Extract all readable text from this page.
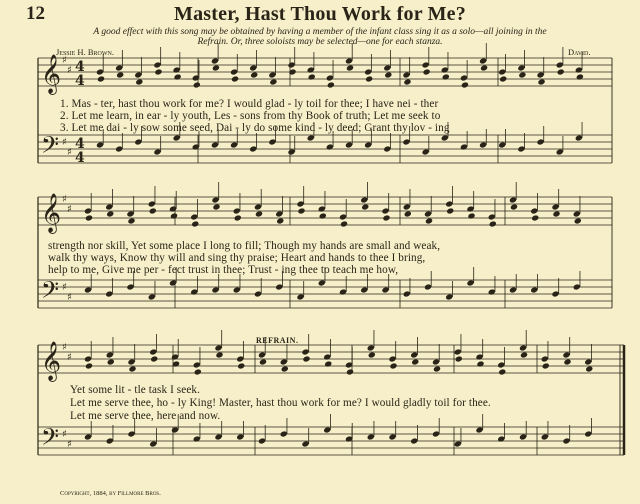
12	Master, Hast Thou Work for Me?
A good effect with this song may be obtained by having a member of the infant class sing it as a solo—all joining in the
Refrain. Or, three soloists may be selected—one for each stanza.
Jessie H. Brown.	David.
𝄞
𝄢
♯
♯
♯
♯
4
4
4
4
𝄞
𝄢
♯
♯
♯
♯
𝄞
𝄢
♯
♯
♯
♯
1. Mas - ter, hast thou work for me? I would glad - ly toil for thee; I have nei - ther
2. Let me learn, in ear - ly youth, Les - sons from thy Book of truth; Let me seek to
3. Let me dai - ly sow some seed, Dai - ly do some kind - ly deed; Grant thy lov - ing
strength nor skill, Yet some place I long to fill; Though my hands are small and weak,
walk thy ways, Know thy will and sing thy praise; Heart and hands to thee I bring,
help to me, Give me per - fect trust in thee; Trust - ing thee to teach me how,
REFRAIN.
Yet some lit - tle task I seek.
Let me serve thee, ho - ly King! Master, hast thou work for me? I would gladly toil for thee.
Let me serve thee, here and now.
Copyright, 1884, by Fillmore Bros.
